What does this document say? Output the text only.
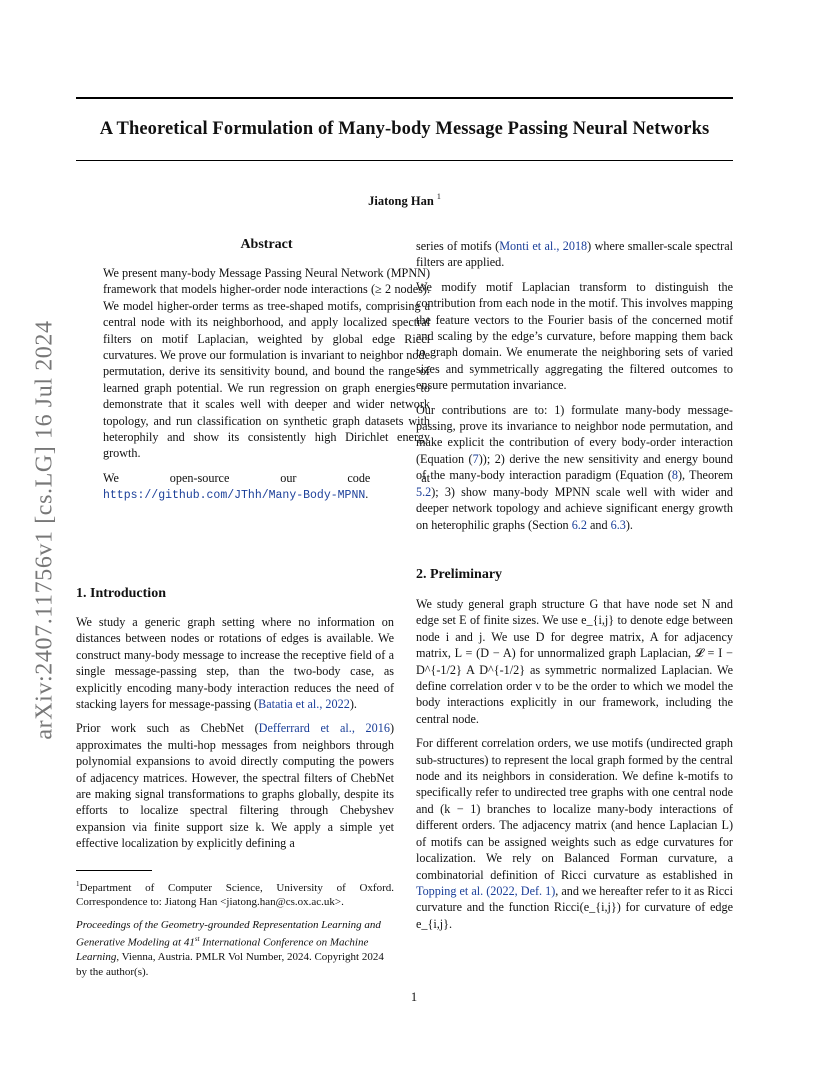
A Theoretical Formulation of Many-body Message Passing Neural Networks
Jiatong Han $^1$
arXiv:2407.11756v1 [cs.LG] 16 Jul 2024
Abstract

We present many-body Message Passing Neural Network (MPNN) framework that models higher-order node interactions (≥ 2 nodes). We model higher-order terms as tree-shaped motifs, comprising a central node with its neighborhood, and apply localized spectral filters on motif Laplacian, weighted by global edge Ricci curvatures. We prove our formulation is invariant to neighbor node permutation, derive its sensitivity bound, and bound the range of learned graph potential. We run regression on graph energies to demonstrate that it scales well with deeper and wider network topology, and run classification on synthetic graph datasets with heterophily and show its consistently high Dirichlet energy growth.

We open-source our code at https://github.com/JThh/Many-Body-MPNN.

1. Introduction

We study a generic graph setting where no information on distances between nodes or rotations of edges is available. We construct many-body message to increase the receptive field of a single message-passing step, than the two-body case, as explicitly encoding many-body interaction reduces the need of stacking layers for message-passing (Batatia et al., 2022).

Prior work such as ChebNet (Defferrard et al., 2016) approximates the multi-hop messages from neighbors through polynomial expansions to avoid directly computing the powers of adjacency matrices. However, the spectral filters of ChebNet are making signal transformations to graphs globally, despite its efforts to localize spectral filtering through Chebyshev expansion via finite support size k. We apply a simple yet effective localization by explicitly defining a

series of motifs (Monti et al., 2018) where smaller-scale spectral filters are applied.

We modify motif Laplacian transform to distinguish the contribution from each node in the motif. This involves mapping the feature vectors to the Fourier basis of the concerned motif and scaling by the edge’s curvature, before mapping them back to graph domain. We enumerate the neighboring sets of varied sizes and symmetrically aggregating the filtered outcomes to ensure permutation invariance.

Our contributions are to: 1) formulate many-body message-passing, prove its invariance to neighbor node permutation, and make explicit the contribution of every body-order interaction (Equation (7)); 2) derive the new sensitivity and energy bound of the many-body interaction paradigm (Equation (8), Theorem 5.2); 3) show many-body MPNN scale well with wider and deeper network topology and achieve significant energy growth on heterophilic graphs (Section 6.2 and 6.3).

2. Preliminary

We study general graph structure G that have node set N and edge set E of finite sizes. We use e_{i,j} to denote edge between node i and j. We use D for degree matrix, A for adjacency matrix, L = (D − A) for unnormalized graph Laplacian, 𝓛 = I − D^{-1/2} A D^{-1/2} as symmetric normalized Laplacian. We define correlation order ν to be the order to which we model the body interactions explicitly in our framework, including the central node.

For different correlation orders, we use motifs (undirected graph sub-structures) to represent the local graph formed by the central node and its neighbors in consideration. We define k-motifs to specifically refer to undirected tree graphs with one central node and (k − 1) branches to localize many-body interactions of different orders. The adjacency matrix (and hence Laplacian L) of motifs can be assigned weights such as edge curvatures for localization. We rely on Balanced Forman curvature, a combinatorial definition of Ricci curvature as established in Topping et al. (2022, Def. 1), and we hereafter refer to it as Ricci curvature and the function Ricci(e_{i,j}) for curvature of edge e_{i,j}.

$^1$Department of Computer Science, University of Oxford. Correspondence to: Jiatong Han <jiatong.han@cs.ox.ac.uk>.
Proceedings of the Geometry-grounded Representation Learning and Generative Modeling at 41st International Conference on Machine Learning, Vienna, Austria. PMLR Vol Number, 2024. Copyright 2024 by the author(s).
1
